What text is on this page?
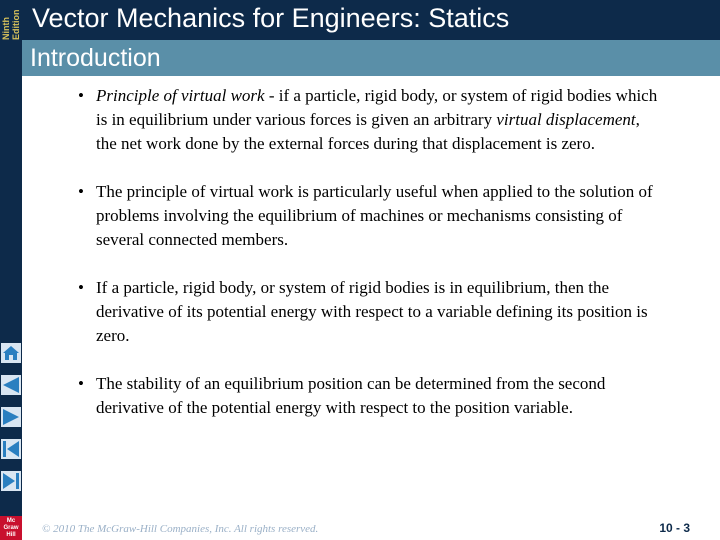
Ninth Edition Vector Mechanics for Engineers: Statics
Introduction
• Principle of virtual work - if a particle, rigid body, or system of rigid bodies which is in equilibrium under various forces is given an arbitrary virtual displacement, the net work done by the external forces during that displacement is zero.
• The principle of virtual work is particularly useful when applied to the solution of problems involving the equilibrium of machines or mechanisms consisting of several connected members.
• If a particle, rigid body, or system of rigid bodies is in equilibrium, then the derivative of its potential energy with respect to a variable defining its position is zero.
• The stability of an equilibrium position can be determined from the second derivative of the potential energy with respect to the position variable.
Mc Graw Hill	© 2010 The McGraw-Hill Companies, Inc. All rights reserved.	10 - 3
